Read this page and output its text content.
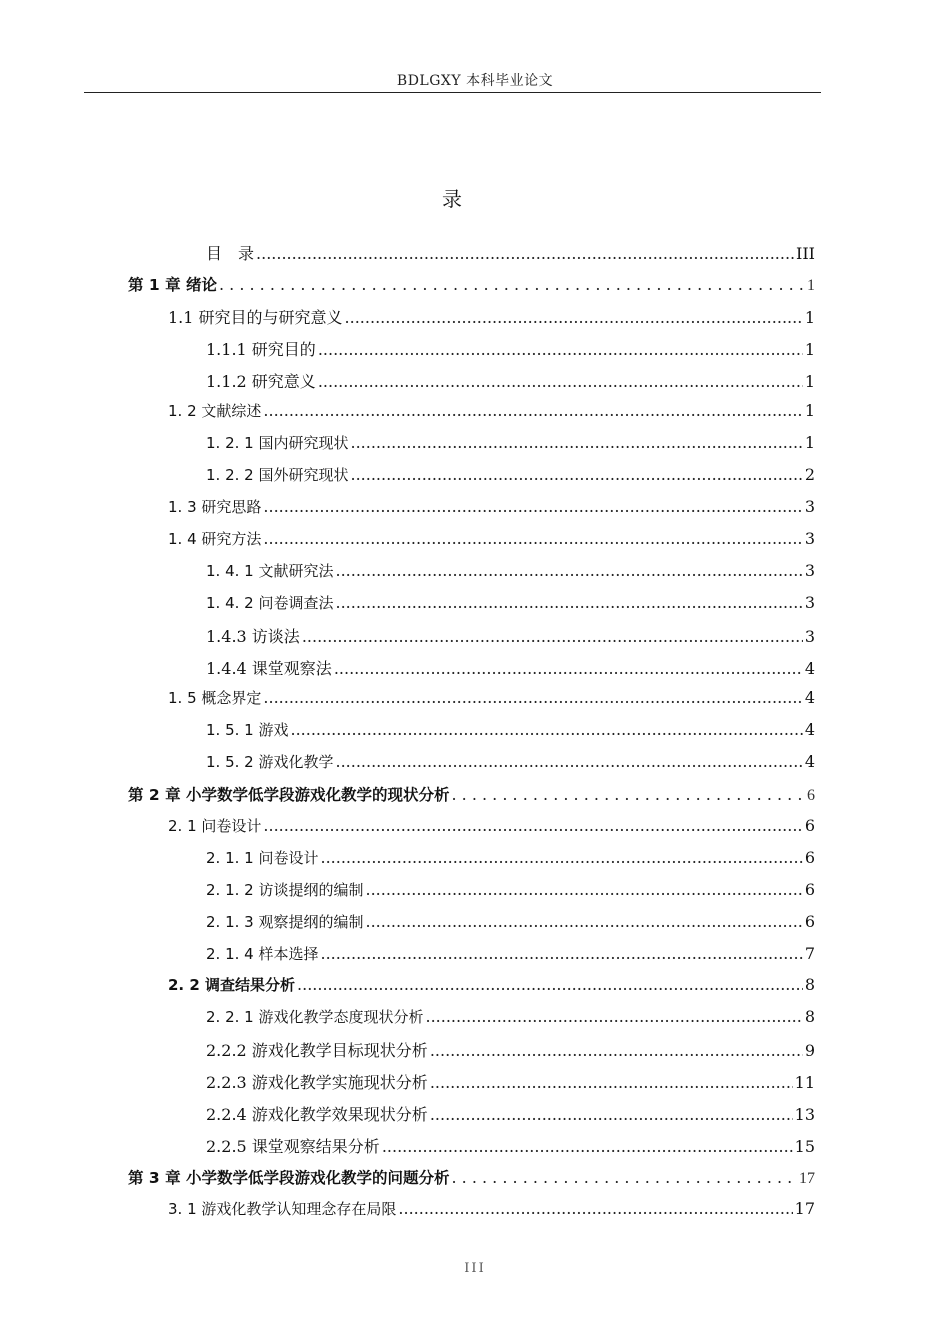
BDLGXY 本科毕业论文
录
目　录 .....	III
第 1 章 绪论 . . .	1
1.1 研究目的与研究意义 .....	1
1.1.1 研究目的 .....	1
1.1.2 研究意义 .....	1
1. 2 文献综述 .....	1
1. 2. 1 国内研究现状 .....	1
1. 2. 2 国外研究现状 .....	2
1. 3 研究思路 .....	3
1. 4 研究方法 .....	3
1. 4. 1 文献研究法 .....	3
1. 4. 2 问卷调查法 .....	3
1.4.3 访谈法 .....	3
1.4.4 课堂观察法 .....	4
1. 5 概念界定 .....	4
1. 5. 1 游戏 .....	4
1. 5. 2 游戏化教学 .....	4
第 2 章 小学数学低学段游戏化教学的现状分析 . . .	6
2. 1 问卷设计 .....	6
2. 1. 1 问卷设计 .....	6
2. 1. 2 访谈提纲的编制 .....	6
2. 1. 3 观察提纲的编制 .....	6
2. 1. 4 样本选择 .....	7
2. 2 调查结果分析 .....	8
2. 2. 1 游戏化教学态度现状分析 .....	8
2.2.2 游戏化教学目标现状分析 .....	9
2.2.3 游戏化教学实施现状分析 .....	11
2.2.4 游戏化教学效果现状分析 .....	13
2.2.5 课堂观察结果分析 .....	15
第 3 章 小学数学低学段游戏化教学的问题分析 . . .	17
3. 1 游戏化教学认知理念存在局限 .....	17
III
